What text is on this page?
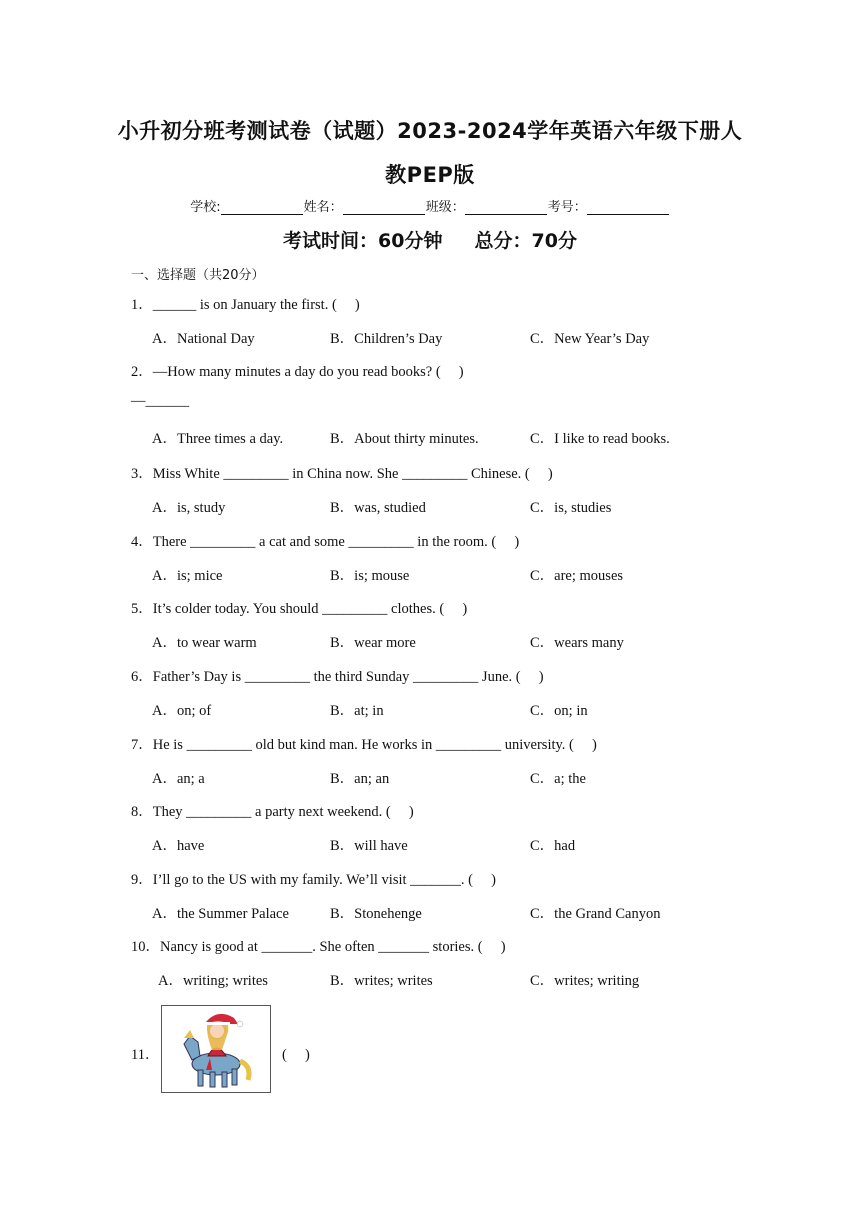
小升初分班考测试卷（试题）2023-2024学年英语六年级下册人
教PEP版
学校:	姓名：	班级：	考号：
考试时间：60分钟 总分：70分
一、选择题（共20分）
1．______ is on January the first. (　 )
A．National Day	B．Children’s Day	C．New Year’s Day
2．—How many minutes a day do you read books? (　 )
—______
A．Three times a day.	B．About thirty minutes.	C．I like to read books.
3．Miss White _________ in China now. She _________ Chinese. (　 )
A．is, study	B．was, studied	C．is, studies
4．There _________ a cat and some _________ in the room. (　 )
A．is; mice	B．is; mouse	C．are; mouses
5．It’s colder today. You should _________ clothes. (　 )
A．to wear warm	B．wear more	C．wears many
6．Father’s Day is _________ the third Sunday _________ June. (　 )
A．on; of	B．at; in	C．on; in
7．He is _________ old but kind man. He works in _________ university. (　 )
A．an; a	B．an; an	C．a; the
8．They _________ a party next weekend. (　 )
A．have	B．will have	C．had
9．I’ll go to the US with my family. We’ll visit _______. (　 )
A．the Summer Palace	B．Stonehenge	C．the Grand Canyon
10．Nancy is good at _______. She often _______ stories. (　 )
A．writing; writes	B．writes; writes	C．writes; writing
11．	(　 )
